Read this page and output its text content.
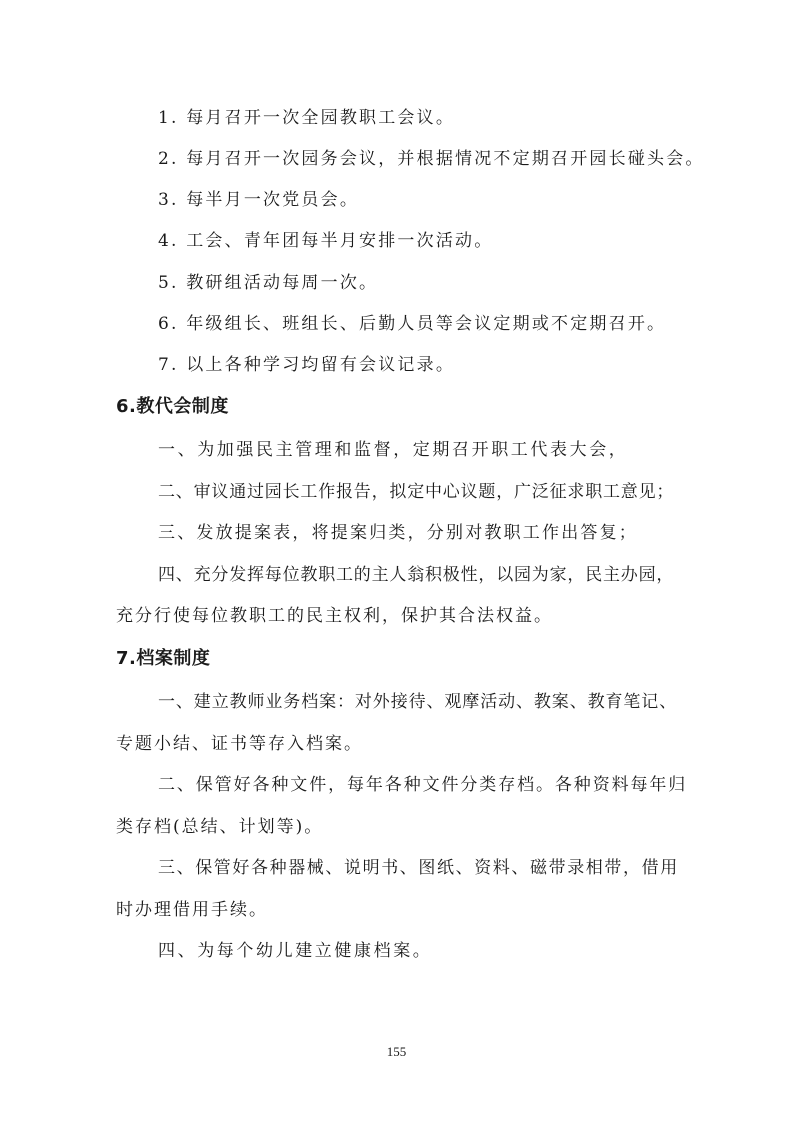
1. 每月召开一次全园教职工会议。
2. 每月召开一次园务会议，并根据情况不定期召开园长碰头会。
3. 每半月一次党员会。
4. 工会、青年团每半月安排一次活动。
5. 教研组活动每周一次。
6. 年级组长、班组长、后勤人员等会议定期或不定期召开。
7. 以上各种学习均留有会议记录。
6.教代会制度
一、为加强民主管理和监督，定期召开职工代表大会，
二、审议通过园长工作报告，拟定中心议题，广泛征求职工意见；
三、发放提案表，将提案归类，分别对教职工作出答复；
四、充分发挥每位教职工的主人翁积极性，以园为家，民主办园，
充分行使每位教职工的民主权利，保护其合法权益。
7.档案制度
一、建立教师业务档案：对外接待、观摩活动、教案、教育笔记、
专题小结、证书等存入档案。
二、保管好各种文件，每年各种文件分类存档。各种资料每年归
类存档(总结、计划等)。
三、保管好各种器械、说明书、图纸、资料、磁带录相带，借用
时办理借用手续。
四、为每个幼儿建立健康档案。
155
